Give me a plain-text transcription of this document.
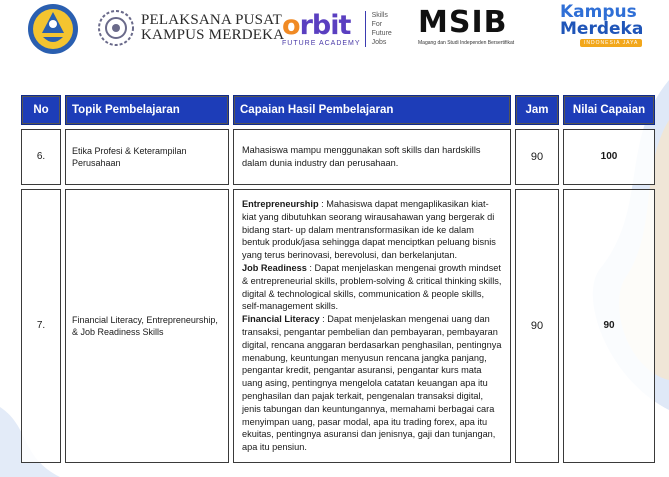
PELAKSANA PUSAT
KAMPUS MERDEKA
orbit
FUTURE ACADEMY
Skills
For
Future
Jobs
MSIB
Magang dan Studi Independen Bersertifikat
Kampus
Merdeka
INDONESIA JAYA
No	Topik Pembelajaran	Capaian Hasil Pembelajaran	Jam	Nilai Capaian
6.	Etika Profesi & Keterampilan Perusahaan	Mahasiswa mampu menggunakan soft skills dan hardskills dalam dunia industry dan perusahaan.	90	100
7.	Financial Literacy, Entrepreneurship, & Job Readiness Skills	Entrepreneurship : Mahasiswa dapat mengaplikasikan kiat-kiat yang dibutuhkan seorang wirausahawan yang bergerak di bidang start- up dalam mentransformasikan ide ke dalam bentuk produk/jasa sehingga dapat menciptkan peluang bisnis yang terus berinovasi, berevolusi, dan berkelanjutan.
Job Readiness : Dapat menjelaskan mengenai growth mindset & entrepreneurial skills, problem-solving & critical thinking skills, digital & technological skills, communication & people skills, self-management skills.
Financial Literacy : Dapat menjelaskan mengenai uang dan transaksi, pengantar pembelian dan pembayaran, pembayaran digital, rencana anggaran berdasarkan penghasilan, pentingnya menabung, keuntungan menyusun rencana jangka panjang, pengantar kredit, pengantar asuransi, pengantar kurs mata uang asing, pentingnya mengelola catatan keuangan apa itu penghasilan dan pajak terkait, pengenalan transaksi digital, jenis tabungan dan keuntungannya, memahami berbagai cara menyimpan uang, pasar modal, apa itu trading forex, apa itu ekuitas, pentingnya asuransi dan jenisnya, gaji dan tunjangan, apa itu pensiun.	90	90
